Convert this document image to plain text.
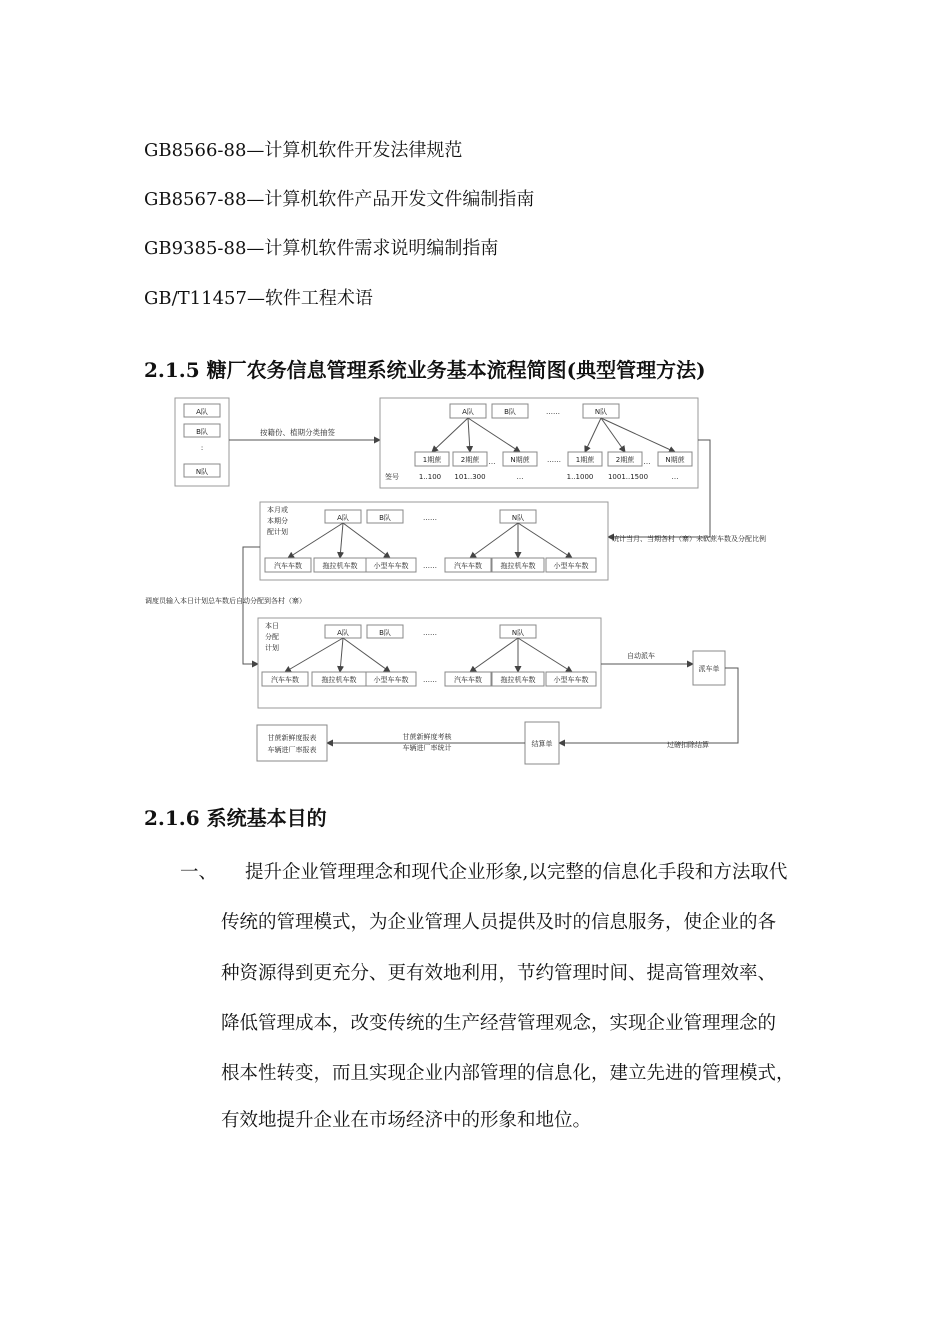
GB8566-88—计算机软件开发法律规范
GB8567-88—计算机软件产品开发文件编制指南
GB9385-88—计算机软件需求说明编制指南
GB/T11457—软件工程术语
2.1.5 糖厂农务信息管理系统业务基本流程简图(典型管理方法)
A队
B队
:
N队
按籍份、植期分类抽签
A队	B队	……	N队
1期蔗	2期蔗 … N期蔗 …… 1期蔗	2期蔗 … N期蔗
签号	1..100 101..300	…	1..1000 1001..1500	…
统计当月、当期各村（寨）未砍蔗车数及分配比例
本月或
本期分
配计划
A队	B队	……	N队
汽车车数	拖拉机车数 小型车车数 …… 汽车车数	拖拉机车数	小型车车数
调度员输入本日计划总车数后自动分配到各村（寨）
本日
分配
计划
A队	B队	……	N队
汽车车数	拖拉机车数 小型车车数 …… 汽车车数	拖拉机车数	小型车车数
自动派车
派车单
过磅扣除结算
结算单
甘蔗新鲜度考核
车辆进厂率统计
甘蔗新鲜度报表
车辆进厂率报表
2.1.6 系统基本目的
一、 提升企业管理理念和现代企业形象,以完整的信息化手段和方法取代
传统的管理模式，为企业管理人员提供及时的信息服务，使企业的各
种资源得到更充分、更有效地利用，节约管理时间、提高管理效率、
降低管理成本，改变传统的生产经营管理观念，实现企业管理理念的
根本性转变，而且实现企业内部管理的信息化，建立先进的管理模式，
有效地提升企业在市场经济中的形象和地位。
